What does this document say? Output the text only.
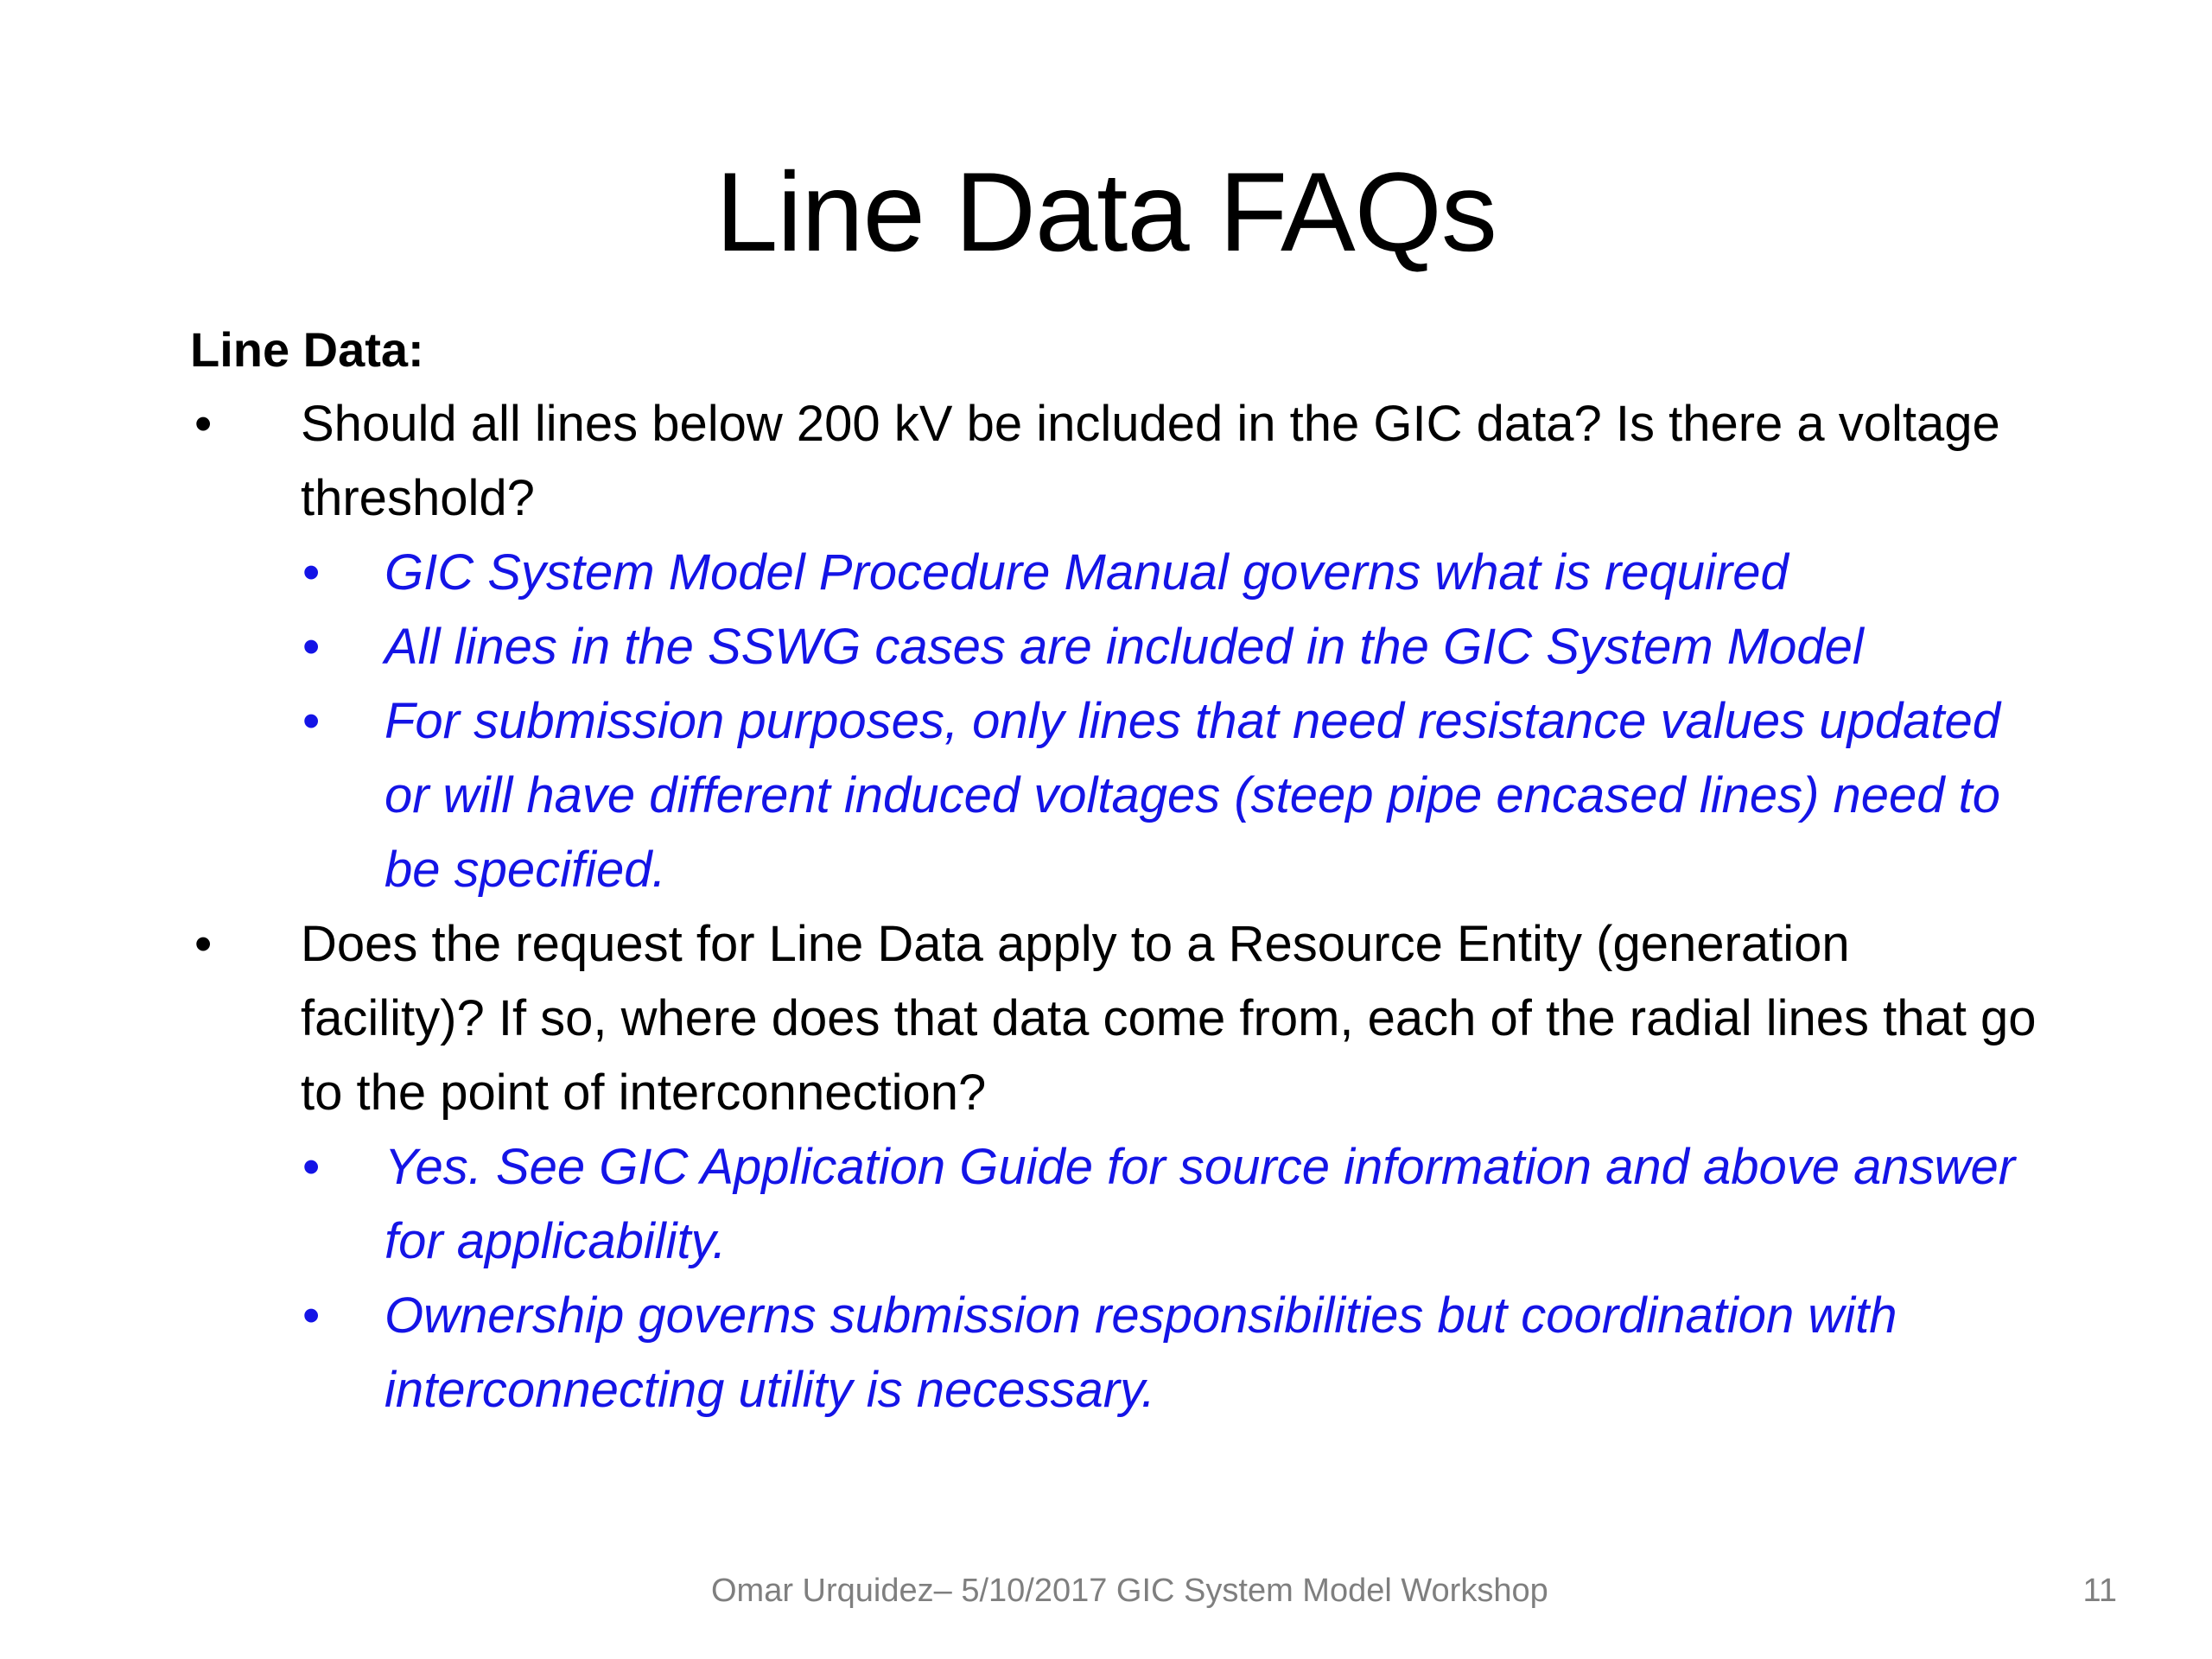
Line Data FAQs
Line Data:
• Should all lines below 200 kV be included in the GIC data? Is there a voltage threshold?
• GIC System Model Procedure Manual governs what is required
• All lines in the SSWG cases are included in the GIC System Model
• For submission purposes, only lines that need resistance values updated or will have different induced voltages (steep pipe encased lines) need to be specified.
• Does the request for Line Data apply to a Resource Entity (generation facility)? If so, where does that data come from, each of the radial lines that go to the point of interconnection?
• Yes. See GIC Application Guide for source information and above answer for applicability.
• Ownership governs submission responsibilities but coordination with interconnecting utility is necessary.
Omar Urquidez– 5/10/2017 GIC System Model Workshop	11
